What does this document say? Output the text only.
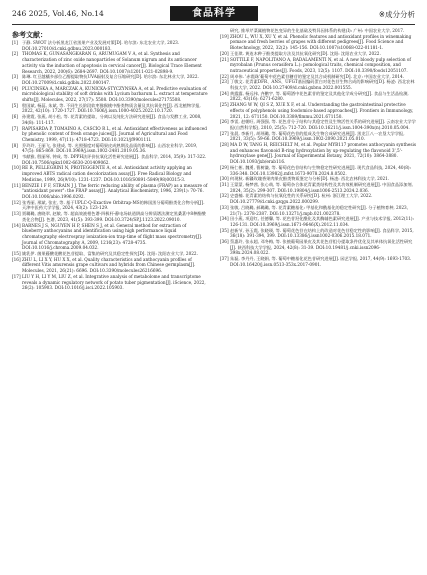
246 2025, Vol.46, No.14	食品科学	※成分分析
参考文献：
[1] 于静. SWOT 法分析黑龙江省黑果产业及发展对策[D]. 哈尔滨: 东北农业大学, 2023. DOI:10.27010/d.cnki.gdbnu.2023.000183.
[2] THOMAS K, GUNASANGKARAN G, ARUMUGAM V A, et al. Synthesis and characterization of zinc oxide nanoparticles of Solanum nigrum and its anticancer activity via the induction of apoptosis in cervical cancer[J]. Biological Trace Element Research, 2022, 200(6): 2684-2697. DOI:10.1007/s12011-021-02898-9.
[3] 陈琳. 红豆越橘多部位乙醇提取物抗UVA辐射及复合压缩研究[D]. 哈尔滨: 东北林业大学, 2022. DOI:10.27009/d.cnki.gdblu.2022.000147.
[4] PLUCINSKA A, MARCZAK A, KUNICKA-STYCZYNSKA A, et al. Predictive evaluation of microbiological stability of soft drinks with Lycium barbarum L. extract at temperature shifts[J]. Molecules, 2022, 27(17): 5508. DOI:10.3390/molecules27175508.
[5] 殷国斌, 杨蕊, 朱斌, 等. 不同生长阶段软枣猕猴桃中酚类物质含量及其抗氧化性[J]. 西北植物学报, 2022, 42(10): 1720-1727. DOI:10.7606/j.issn.1000-4025.2022.10.1720.
[6] 孙建霞, 张燕, 胡小松, 等. 花青素的提取、分离以及纯化方法研究进展[J]. 食品与发酵工业, 2008, 34(8): 111-117.
[7] RAPISARDA P, TOMAINO A, CASCIO R L, et al. Antioxidant effectiveness as influenced by phenolic content of fresh orange juices[J]. Journal of Agricultural and Food Chemistry, 1999, 47(11): 4718-4723. DOI:10.1021/jf990111l.
[8] 乔玲玲, 王丽飞, 张建成, 等. 光照强度对葡萄果皮成熟期及品质的影响[J]. 山西农业科学, 2019, 47(5): 865-869. DOI:10.3969/j.issn.1002-2481.2019.05.36.
[9] 韦献雅, 殷丽琴, 钟成, 等. DPPH法评价抗氧化活性研究进展[J]. 食品科学, 2014, 35(9): 317-322. DOI:10.7506/spkx1002-6630-201409062.
[10] RE R, PELLEGRINI N, PROTEGGENTE A, et al. Antioxidant activity applying an improved ABTS radical cation decolorization assay[J]. Free Radical Biology and Medicine, 1999, 26(9/10): 1231-1237. DOI:10.1016/S0891-5849(98)00315-3.
[11] BENZIE I F F, STRAIN J J. The ferric reducing ability of plasma (FRAP) as a measure of "antioxidant power": the FRAP assay[J]. Analytical Biochemistry, 1996, 239(1): 70-76. DOI:10.1006/abio.1996.0292.
[12] 张秀丽, 邢斌, 张宏, 等. 基于UPLC-Q-Exactive Orbitrap-MS的韩国黑分葡萄酚类化合物分析[J]. 天津中医药大学学报, 2024, 43(2): 123-129.
[13] 贾璐璐, 唐晓翠, 赵敏, 等. 超高效液相色谱-四极杆-静电场轨道阱高分辨质谱法测定黑桑葚中8种酚酸类化合物[J]. 色谱, 2023, 41(5): 393-399. DOI:10.3724/SP.J.1123.2022.09010.
[14] BARNES J S, NGUYEN H P, SHEN S J, et al. General method for extraction of blueberry anthocyanins and identification using high performance liquid chromatography electrospray ionization-ion trap-time of flight mass spectrometry[J]. Journal of Chromatography A, 2009, 1216(23): 4728-4735. DOI:10.1016/j.chroma.2009.04.032.
[15] 姚乳伊. 菌果藤酸花酸花色苷提取、富集的研究及其稳定性探究[D]. 沈阳: 沈阳农业大学, 2022.
[16] ZHU L, LI X Y, HU X X, et al. Quality characteristics and anthocyanin profiles of different Vitis amurensis grape cultivars and hybrids from Chinese germplasm[J]. Molecules, 2021, 26(21): 6696. DOI:10.3390/molecules26216696.
[17] LIU Y H, LI Y M, LIU Z, et al. Integrative analysis of metabolome and transcriptome reveals a dynamic regulatory network of potato tuber pigmentation[J]. iScience, 2022, 26(2): 105903. DOI:10.1016/j.isci.2022.105903.
研究, 推举芹菜属植物花色变异的生化基础及特异因体系的构建(I): 广州: 中国农业大学, 2017.
[19] ZHOU L, WU X, XU Y, et al. Phenolic features and antioxidant profiles in winemaking pomace and fresh berries of grapes with different pedigrees[J]. Food Science and Biotechnology, 2022, 32(2): 145-156. DOI:10.1007/s10068-022-01181-1.
[20] 王佳琪. 黄连木种子酚类提取方法及其抗氧化研究[D]. 沈阳: 沈阳农业大学, 2022.
[21] SOTTILE F, NAPOLITANO A, BADALAMENTI N, et al. A new bloody pulp selection of myrobalan (Prunus cerasifera L.): pomological traits, chemical composition, and nutraceutical properties[J]. Foods, 2023, 12(5): 1107. DOI:10.3390/foods12051107.
[22] 周卓伟. '赤霞珠'葡萄中花色素苷糖苷的鉴定及其合成机制研究[D]. 北京: 中国农业大学, 2014.
[23] 丁敏文. 花青素DFR、ANS、UFGT基因编码蛋白对花色苷生物合成的影响研究[D]. 杨凌: 西北农林科技大学, 2022. DOI:10.27409/d.cnki.gxbnu.2022.001555.
[24] 黄露露, 杨远伟, 齐鹏宇, 等. 葡萄酒中花色素苷的鉴定及其他化学成分研究[J]. 食品与生活品检测, 2022, 43(16): 6271-6280.
[25] ZHANG W W, QI S Z, XUE X F, et al. Understanding the gastrointestinal protective effects of polyphenols using foodomics-based approaches[J]. Frontiers in Immunology, 2021, 12: 671150. DOI:10.3389/fimmu.2021.671150.
[26] 李雷, 赵朝旺, 周强强, 等. 花色苷分子结构与其稳定性及生物活性关系的研究进展[J]. 云南农业大学学报(自然科学版), 2010, 25(5): 712-720. DOI:10.16211/j.issn.1004-390x(n).2010.05.004.
[27] 张晨, 李新月, 胡瑶璐, 等. 葡萄花色苷的组成及生物合成研究进展[J]. 黑龙江八一农垦大学学报, 2021, 33(5): 59-66. DOI:10.3969/j.issn.1002-2090.2021.05.010.
[28] MA D W, TANG H, REICHELT M, et al. Poplar MYB117 promotes anthocyanin synthesis and enhances flavonoid B-ring hydroxylation by up-regulating the flavonoid 3',5'-hydroxylase gene[J]. Journal of Experimental Botany, 2021, 72(10): 3864-3880. DOI:10.1093/jxb/erab116.
[29] 杨仁彬, 魏勇, 曹树谦, 等. 葡萄花色苷结构与生物稳定性研究进展[J]. 现代食品科技, 2024, 40(8): 336-348. DOI:10.13982/j.mfst.1673-9078.2024.8.0502.
[30] 何现秋. 新疆玫瑰香果肉果皮酚类物质鉴定与分析[D]. 杨凌: 西北农林科技大学, 2021.
[31] 王蒙蒙, 杨梦茜, 张心萌, 等. 葡萄杂合体花青素类结构性及其功效机制研究进展[J]. 中国食品添加剂, 2024, 35(2): 299-307. DOI:10.19804/j.issn1006-2513.2024.2.036.
[32] 史盛楠. 花青素的结构与抗氧化性的关系研究[D]. 杭州: 浙江理工大学, 2022. DOI:10.27779/d.cnki.gzqgu.2022.000299.
[33] 张敏, 吕晓璐, 郝璐璐, 等. 花青素糖基化: 甲基化和酰基化的稳定性研究[J]. 分子植物育种, 2023, 21(7): 2378-2387. DOI:10.13271/j.mpb.021.002378.
[34] 田小燕, 项迎红, 任德馨, 等. 花色苷羟化酰化及其酶辅色素研究进展[J]. 产业与技术学报, 2012(11): 126-131. DOI:10.3969/j.issn.1671-9646(X).2012.11.034.
[35] 赵新节, 孙玉霞, 张晓瑛, 等. 葡萄花色苷在结构上的改造对花色苷稳定性的影响[J]. 食品科学, 2015, 36(18): 391-394, 399. DOI:10.13386/j.issn1002-0306.2015.18.071.
[36] 蔡惠玲, 张永超, 邓冬梅, 等. 张掖葡萄园果皮及其花色苷组分提取条件优化及其单体抗氧化活性研究[J]. 陕西科技大学学报, 2024, 42(8): 31-39. DOI:10.19481/j.cnki.issn2096-398x.2024.08.022.
[37] 朱磊, 李丹丹, 王晓娟, 等. 葡萄中糖基化花色苷研究进展[J]. 园艺学报, 2017, 44(9): 1693-1703. DOI:10.16420/j.issn.0513-353x.2017-0901.
